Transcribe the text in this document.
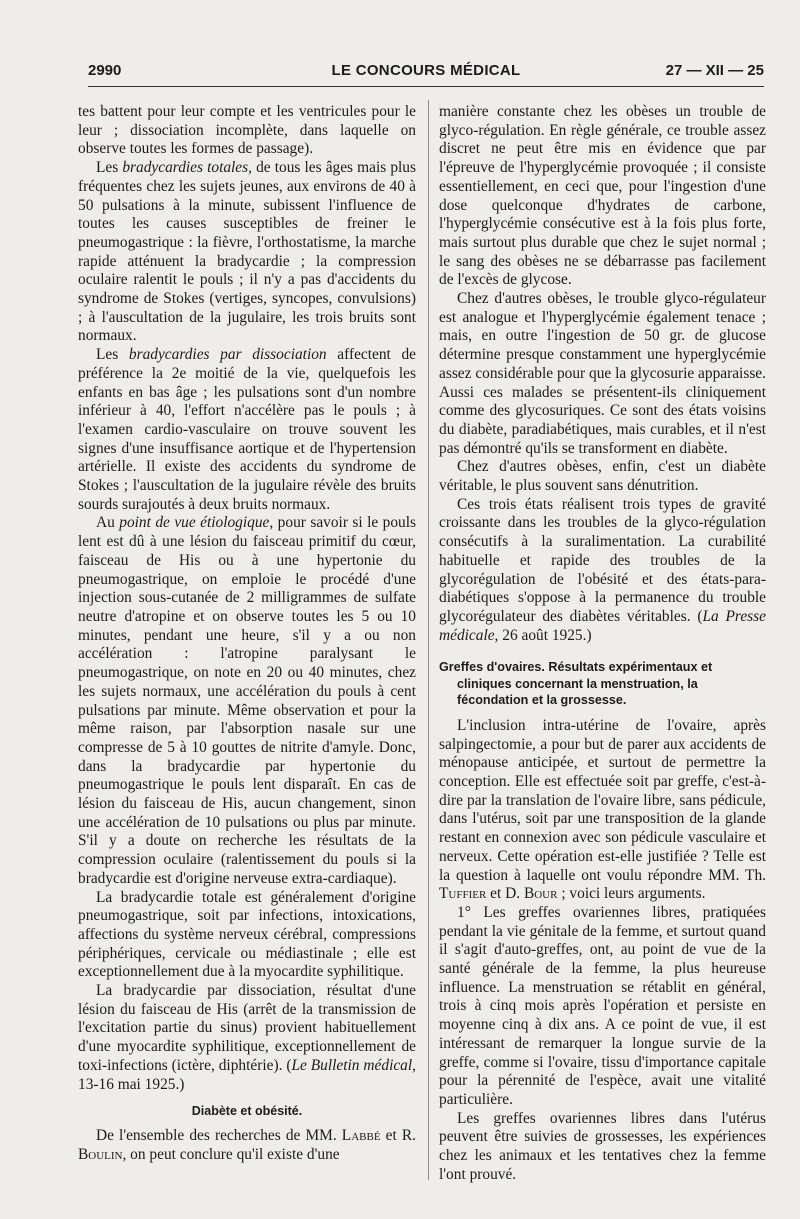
2990	LE CONCOURS MÉDICAL	27 — XII — 25

tes battent pour leur compte et les ventricules pour le leur ; dissociation incomplète, dans laquelle on observe toutes les formes de passage).

Les bradycardies totales, de tous les âges mais plus fréquentes chez les sujets jeunes, aux environs de 40 à 50 pulsations à la minute, subissent l'influence de toutes les causes susceptibles de freiner le pneumogastrique : la fièvre, l'orthostatisme, la marche rapide atténuent la bradycardie ; la compression oculaire ralentit le pouls ; il n'y a pas d'accidents du syndrome de Stokes (vertiges, syncopes, convulsions) ; à l'auscultation de la jugulaire, les trois bruits sont normaux.

Les bradycardies par dissociation affectent de préférence la 2e moitié de la vie, quelquefois les enfants en bas âge ; les pulsations sont d'un nombre inférieur à 40, l'effort n'accélère pas le pouls ; à l'examen cardio-vasculaire on trouve souvent les signes d'une insuffisance aortique et de l'hypertension artérielle. Il existe des accidents du syndrome de Stokes ; l'auscultation de la jugulaire révèle des bruits sourds surajoutés à deux bruits normaux.

Au point de vue étiologique, pour savoir si le pouls lent est dû à une lésion du faisceau primitif du cœur, faisceau de His ou à une hypertonie du pneumogastrique, on emploie le procédé d'une injection sous-cutanée de 2 milligrammes de sulfate neutre d'atropine et on observe toutes les 5 ou 10 minutes, pendant une heure, s'il y a ou non accélération : l'atropine paralysant le pneumogastrique, on note en 20 ou 40 minutes, chez les sujets normaux, une accélération du pouls à cent pulsations par minute. Même observation et pour la même raison, par l'absorption nasale sur une compresse de 5 à 10 gouttes de nitrite d'amyle. Donc, dans la bradycardie par hypertonie du pneumogastrique le pouls lent disparaît. En cas de lésion du faisceau de His, aucun changement, sinon une accélération de 10 pulsations ou plus par minute. S'il y a doute on recherche les résultats de la compression oculaire (ralentissement du pouls si la bradycardie est d'origine nerveuse extra-cardiaque).

La bradycardie totale est généralement d'origine pneumogastrique, soit par infections, intoxications, affections du système nerveux cérébral, compressions périphériques, cervicale ou médiastinale ; elle est exceptionnellement due à la myocardite syphilitique.

La bradycardie par dissociation, résultat d'une lésion du faisceau de His (arrêt de la transmission de l'excitation partie du sinus) provient habituellement d'une myocardite syphilitique, exceptionnellement de toxi-infections (ictère, diphtérie). (Le Bulletin médical, 13-16 mai 1925.)

Diabète et obésité.

De l'ensemble des recherches de MM. Labbé et R. Boulin, on peut conclure qu'il existe d'une

manière constante chez les obèses un trouble de glyco-régulation. En règle générale, ce trouble assez discret ne peut être mis en évidence que par l'épreuve de l'hyperglycémie provoquée ; il consiste essentiellement, en ceci que, pour l'ingestion d'une dose quelconque d'hydrates de carbone, l'hyperglycémie consécutive est à la fois plus forte, mais surtout plus durable que chez le sujet normal ; le sang des obèses ne se débarrasse pas facilement de l'excès de glycose.

Chez d'autres obèses, le trouble glyco-régulateur est analogue et l'hyperglycémie également tenace ; mais, en outre l'ingestion de 50 gr. de glucose détermine presque constamment une hyperglycémie assez considérable pour que la glycosurie apparaisse. Aussi ces malades se présentent-ils cliniquement comme des glycosuriques. Ce sont des états voisins du diabète, paradiabétiques, mais curables, et il n'est pas démontré qu'ils se transforment en diabète.

Chez d'autres obèses, enfin, c'est un diabète véritable, le plus souvent sans dénutrition.

Ces trois états réalisent trois types de gravité croissante dans les troubles de la glyco-régulation consécutifs à la suralimentation. La curabilité habituelle et rapide des troubles de la glycorégulation de l'obésité et des états-para-diabétiques s'oppose à la permanence du trouble glycorégulateur des diabètes véritables. (La Presse médicale, 26 août 1925.)

Greffes d'ovaires. Résultats expérimentaux et cliniques concernant la menstruation, la fécondation et la grossesse.

L'inclusion intra-utérine de l'ovaire, après salpingectomie, a pour but de parer aux accidents de ménopause anticipée, et surtout de permettre la conception. Elle est effectuée soit par greffe, c'est-à-dire par la translation de l'ovaire libre, sans pédicule, dans l'utérus, soit par une transposition de la glande restant en connexion avec son pédicule vasculaire et nerveux. Cette opération est-elle justifiée ? Telle est la question à laquelle ont voulu répondre MM. Th. Tuffier et D. Bour ; voici leurs arguments.

1° Les greffes ovariennes libres, pratiquées pendant la vie génitale de la femme, et surtout quand il s'agit d'auto-greffes, ont, au point de vue de la santé générale de la femme, la plus heureuse influence. La menstruation se rétablit en général, trois à cinq mois après l'opération et persiste en moyenne cinq à dix ans. A ce point de vue, il est intéressant de remarquer la longue survie de la greffe, comme si l'ovaire, tissu d'importance capitale pour la pérennité de l'espèce, avait une vitalité particulière.

Les greffes ovariennes libres dans l'utérus peuvent être suivies de grossesses, les expériences chez les animaux et les tentatives chez la femme l'ont prouvé.
